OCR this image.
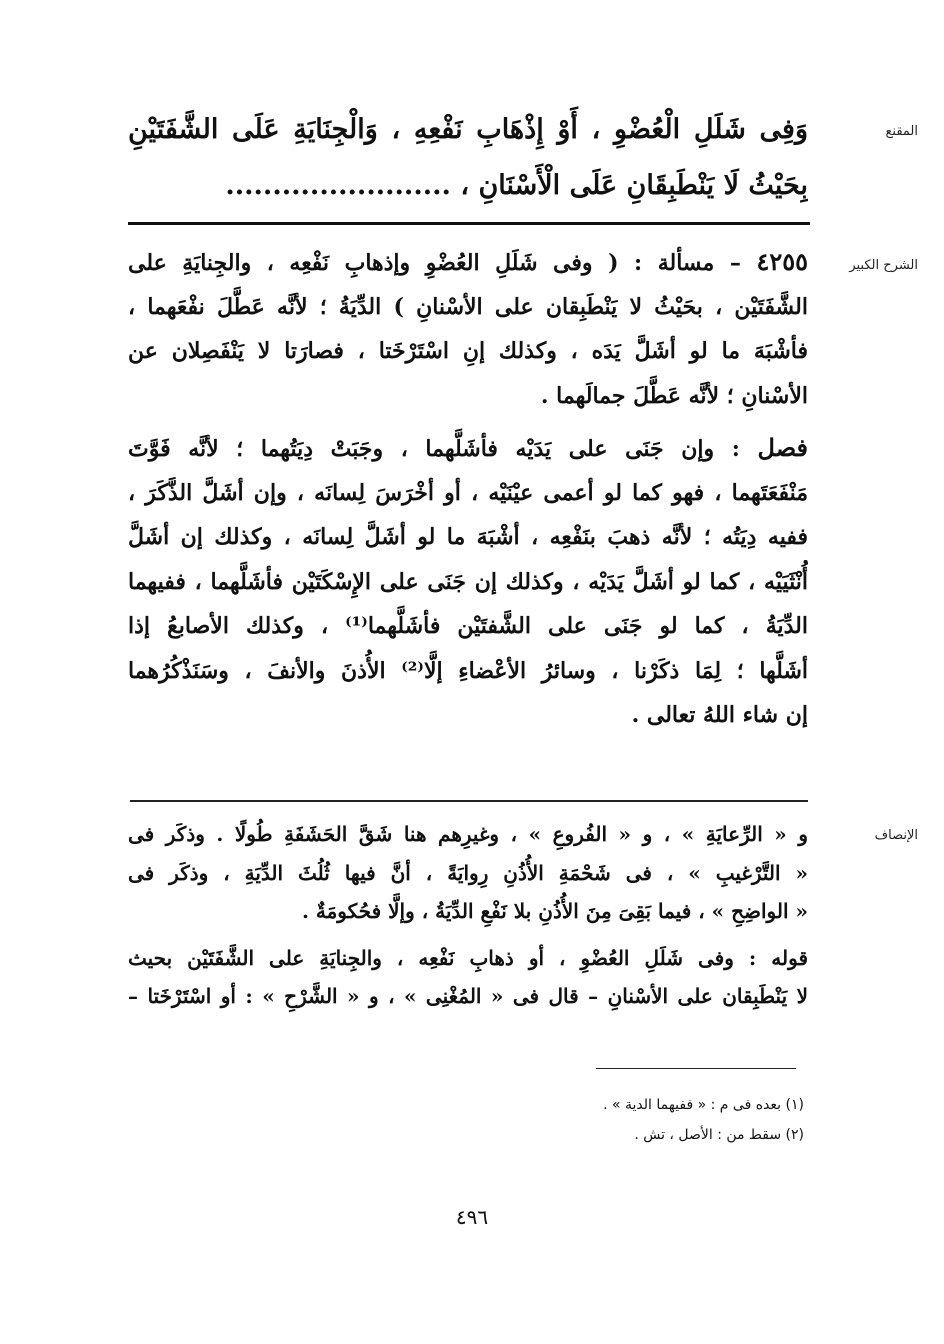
المقنع
وَفِى شَلَلِ الْعُضْوِ ، أَوْ إِذْهَابِ نَفْعِهِ ، وَالْجِنَايَةِ عَلَى الشَّفَتَيْنِ
بِحَيْثُ لَا يَنْطَبِقَانِ عَلَى الْأَسْنَانِ ، ........................
الشرح الكبير
٤٢٥٥ – مسألة : ( وفى شَلَلِ العُضْوِ وإذهابِ نَفْعِه ، والجِنايَةِ على
الشَّفَتَيْن ، بحَيْثُ لا يَنْطَبِقان على الأسْنانِ ) الدِّيَةُ ؛ لأنَّه عَطَّلَ نفْعَهما ،
فأشْبَهَ ما لو أشَلَّ يَدَه ، وكذلك إنِ اسْتَرْخَتا ، فصارَتا لا يَنْفَصِلان عن
الأسْنانِ ؛ لأنَّه عَطَّلَ جمالَهما .
فصل : وإن جَنَى على يَدَيْه فأشَلَّهما ، وجَبَتْ دِيَتُهما ؛ لأنَّه فَوَّتَ
مَنْفَعَتَهما ، فهو كما لو أعمى عيْنَيْه ، أو أخْرَسَ لِسانَه ، وإن أشَلَّ الذَّكَرَ ،
ففيه دِيَتُه ؛ لأنَّه ذهبَ بنَفْعِه ، أشْبَهَ ما لو أشَلَّ لِسانَه ، وكذلك إن أشَلَّ
أُنْثَيَيْه ، كما لو أشَلَّ يَدَيْه ، وكذلك إن جَنَى على الإِسْكَتَيْن فأشَلَّهما ، ففيهما
الدِّيَةُ ، كما لو جَنَى على الشَّفتَيْن فأشَلَّهما⁽¹⁾ ، وكذلك الأصابعُ إذا
أشَلَّها ؛ لِمَا ذكَرْنا ، وسائرُ الأعْضاءِ إلَّا⁽²⁾ الأُذنَ والأنفَ ، وسَنَذْكُرُهما
إن شاء اللهُ تعالى .
الإنصاف
و « الرِّعايَةِ » ، و « الفُروعِ » ، وغيرِهم هنا شَقَّ الحَشَفَةِ طُولًا . وذكَر فى
« التَّرْغيبِ » ، فى شَحْمَةِ الأُذُنِ رِوايَةً ، أنَّ فيها ثُلُثَ الدِّيَةِ ، وذكَر فى
« الواضِحِ » ، فيما بَقِىَ مِنَ الأُذُنِ بلا نَفْعِ الدِّيَةُ ، وإلَّا فحُكومَةٌ .
قوله : وفى شَلَلِ العُضْوِ ، أو ذهابِ نَفْعِه ، والجِنايَةِ على الشَّفَتَيْن بحيث
لا يَنْطَبِقان على الأسْنانِ – قال فى « المُغْنِى » ، و « الشَّرْحِ » : أو اسْتَرْخَتا –
(١) بعده فى م : « ففيهما الدية » .
(٢) سقط من : الأصل ، تش .
٤٩٦
